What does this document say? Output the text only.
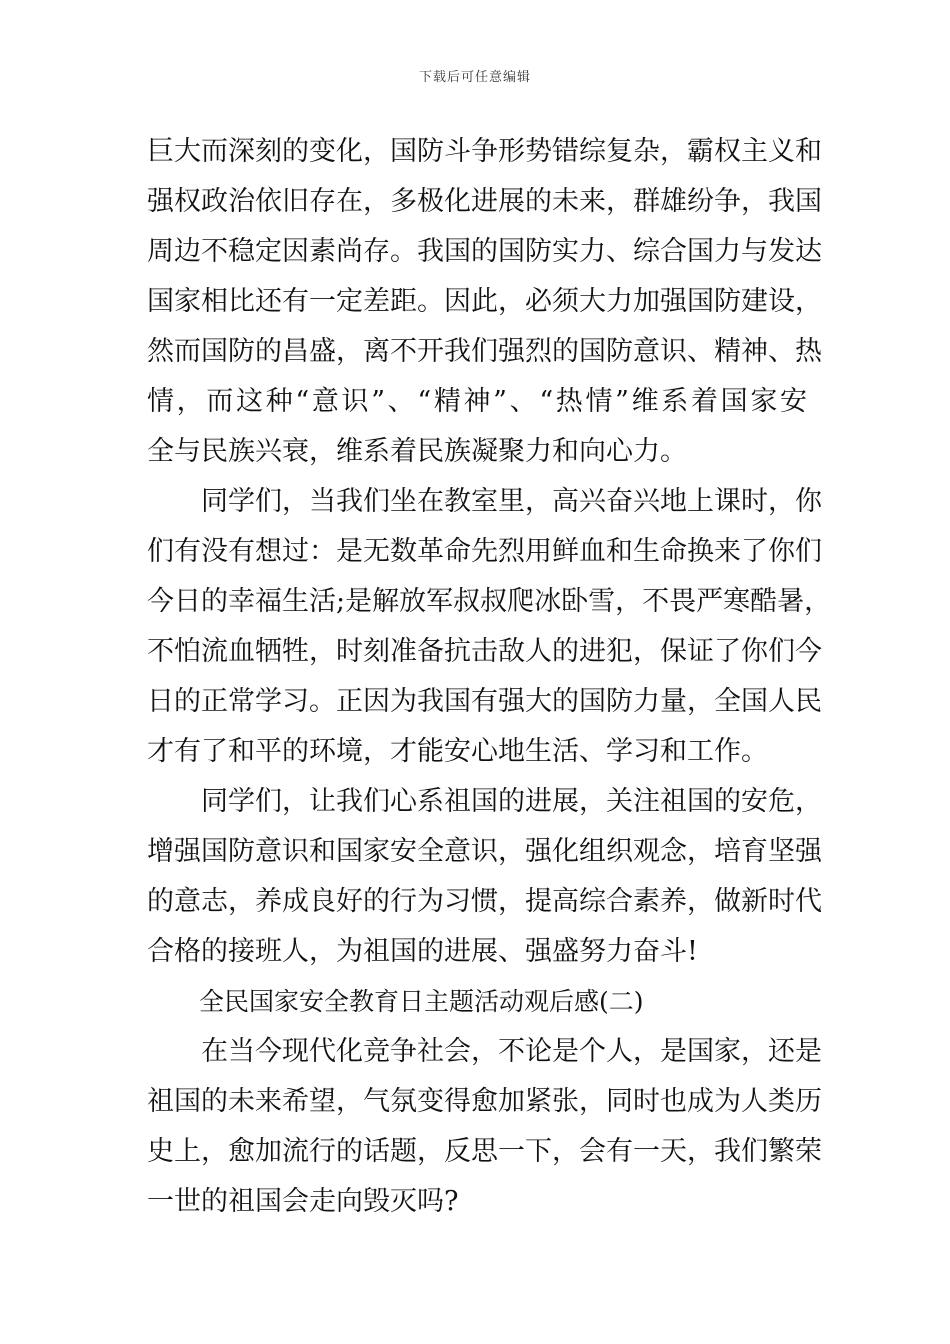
下载后可任意编辑
巨大而深刻的变化，国防斗争形势错综复杂，霸权主义和
强权政治依旧存在，多极化进展的未来，群雄纷争，我国
周边不稳定因素尚存。我国的国防实力、综合国力与发达
国家相比还有一定差距。因此，必须大力加强国防建设，
然而国防的昌盛，离不开我们强烈的国防意识、精神、热
情，而这种“意识”、“精神”、“热情”维系着国家安
全与民族兴衰，维系着民族凝聚力和向心力。
同学们，当我们坐在教室里，高兴奋兴地上课时，你
们有没有想过：是无数革命先烈用鲜血和生命换来了你们
今日的幸福生活;是解放军叔叔爬冰卧雪，不畏严寒酷暑，
不怕流血牺牲，时刻准备抗击敌人的进犯，保证了你们今
日的正常学习。正因为我国有强大的国防力量，全国人民
才有了和平的环境，才能安心地生活、学习和工作。
同学们，让我们心系祖国的进展，关注祖国的安危，
增强国防意识和国家安全意识，强化组织观念，培育坚强
的意志，养成良好的行为习惯，提高综合素养，做新时代
合格的接班人，为祖国的进展、强盛努力奋斗!
全民国家安全教育日主题活动观后感(二)
在当今现代化竞争社会，不论是个人，是国家，还是
祖国的未来希望，气氛变得愈加紧张，同时也成为人类历
史上，愈加流行的话题，反思一下，会有一天，我们繁荣
一世的祖国会走向毁灭吗?
